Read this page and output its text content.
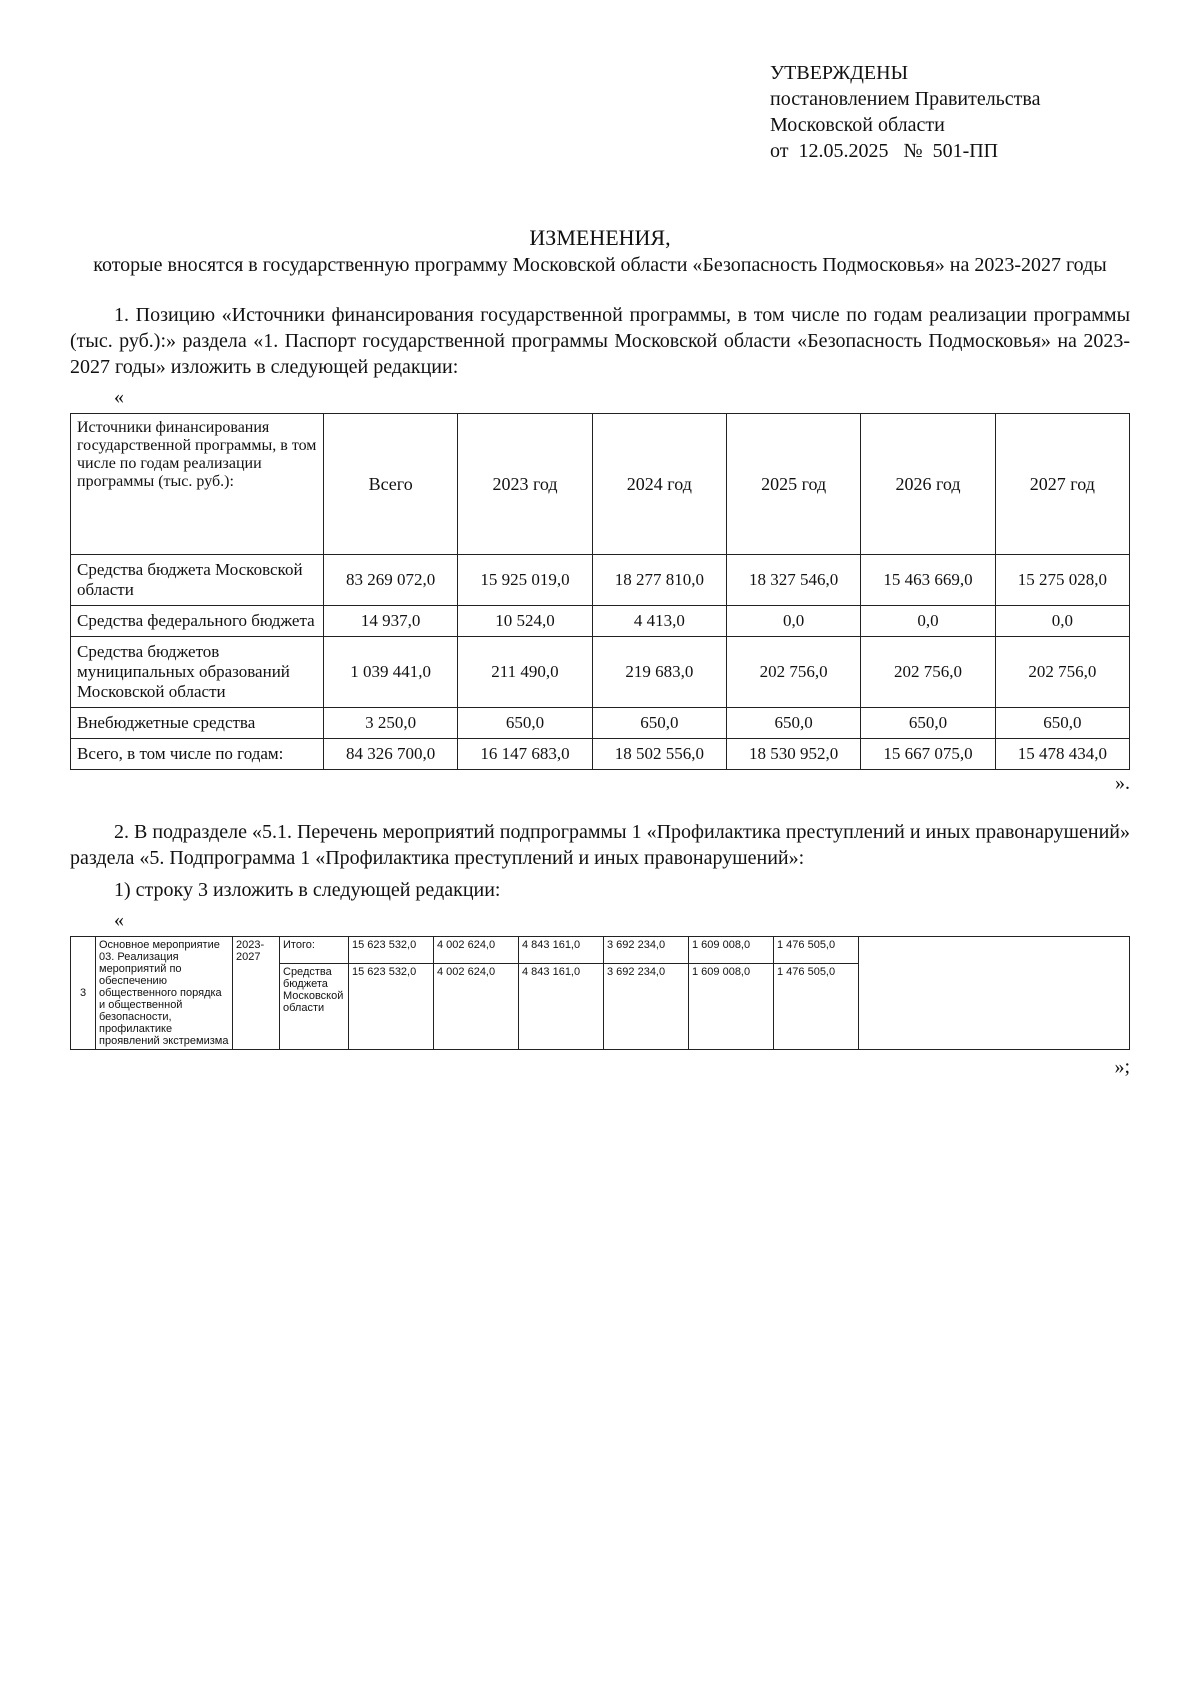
УТВЕРЖДЕНЫ
постановлением Правительства
Московской области
от 12.05.2025 № 501-ПП
ИЗМЕНЕНИЯ,
которые вносятся в государственную программу Московской области «Безопасность Подмосковья» на 2023-2027 годы
1. Позицию «Источники финансирования государственной программы, в том числе по годам реализации программы (тыс. руб.):» раздела «1. Паспорт государственной программы Московской области «Безопасность Подмосковья» на 2023-2027 годы» изложить в следующей редакции:
«
Источники финансирования государственной программы, в том числе по годам реализации программы (тыс. руб.):	Всего	2023 год	2024 год	2025 год	2026 год	2027 год
Средства бюджета Московской области	83 269 072,0	15 925 019,0	18 277 810,0	18 327 546,0	15 463 669,0	15 275 028,0
Средства федерального бюджета	14 937,0	10 524,0	4 413,0	0,0	0,0	0,0
Средства бюджетов муниципальных образований Московской области	1 039 441,0	211 490,0	219 683,0	202 756,0	202 756,0	202 756,0
Внебюджетные средства	3 250,0	650,0	650,0	650,0	650,0	650,0
Всего, в том числе по годам:	84 326 700,0	16 147 683,0	18 502 556,0	18 530 952,0	15 667 075,0	15 478 434,0
».
2. В подразделе «5.1. Перечень мероприятий подпрограммы 1 «Профилактика преступлений и иных правонарушений» раздела «5. Подпрограмма 1 «Профилактика преступлений и иных правонарушений»:
1) строку 3 изложить в следующей редакции:
«
3	Основное мероприятие 03. Реализация мероприятий по обеспечению общественного порядка и общественной безопасности, профилактике проявлений экстремизма	2023-2027	Итого:	15 623 532,0	4 002 624,0	4 843 161,0	3 692 234,0	1 609 008,0	1 476 505,0	
			Средства бюджета Московской области	15 623 532,0	4 002 624,0	4 843 161,0	3 692 234,0	1 609 008,0	1 476 505,0	
»;
